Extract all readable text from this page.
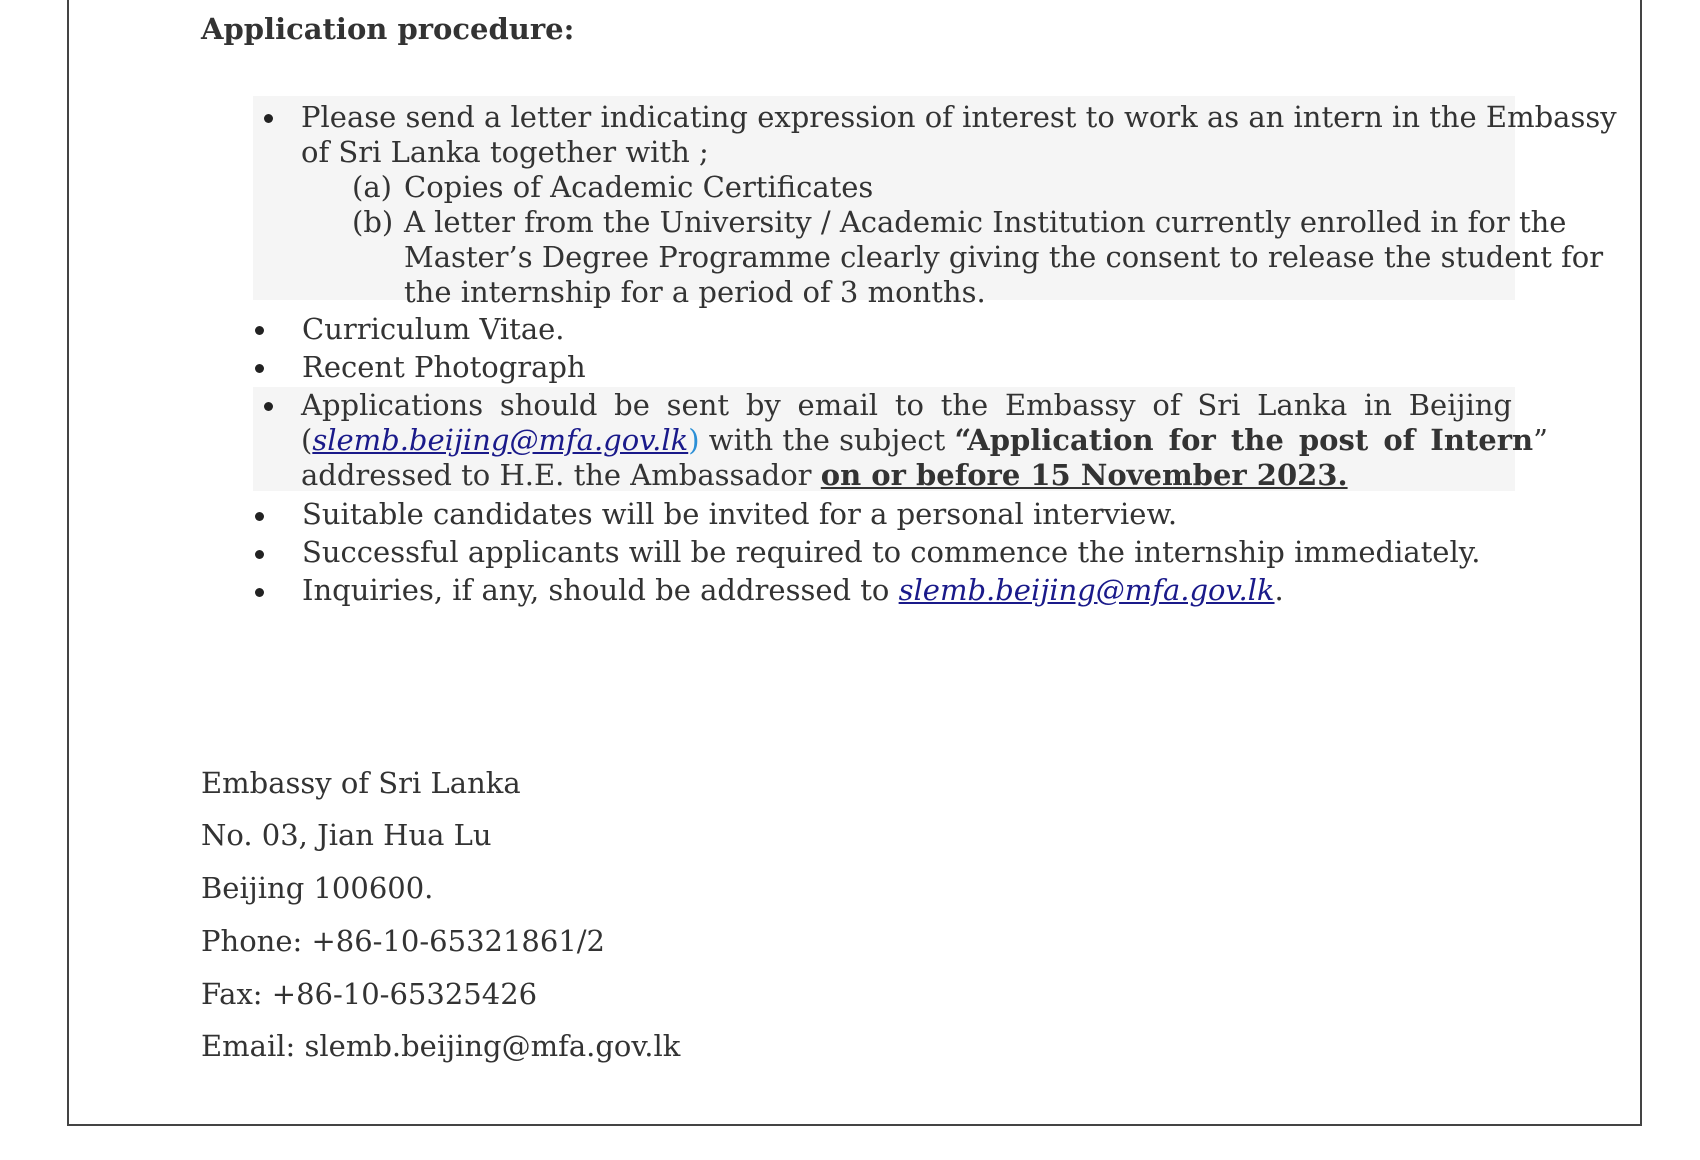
Application procedure:
Please send a letter indicating expression of interest to work as an intern in the Embassy
of Sri Lanka together with ;
(a) Copies of Academic Certificates
(b) A letter from the University / Academic Institution currently enrolled in for the
Master’s Degree Programme clearly giving the consent to release the student for
the internship for a period of 3 months.
Curriculum Vitae.
Recent Photograph
Applications should be sent by email to the Embassy of Sri Lanka in Beijing
(slemb.beijing@mfa.gov.lk) with the subject “Application for the post of Intern”
addressed to H.E. the Ambassador on or before 15 November 2023.
Suitable candidates will be invited for a personal interview.
Successful applicants will be required to commence the internship immediately.
Inquiries, if any, should be addressed to slemb.beijing@mfa.gov.lk.
Embassy of Sri Lanka
No. 03, Jian Hua Lu
Beijing 100600.
Phone: +86-10-65321861/2
Fax: +86-10-65325426
Email: slemb.beijing@mfa.gov.lk
